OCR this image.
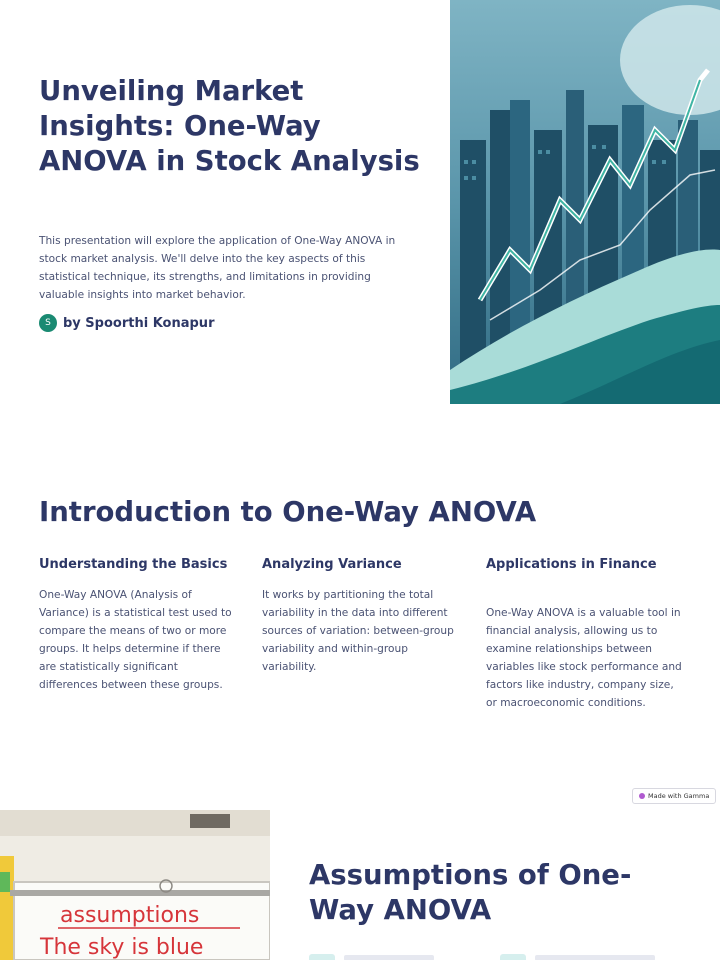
Unveiling Market Insights: One-Way ANOVA in Stock Analysis

This presentation will explore the application of One-Way ANOVA in stock market analysis. We'll delve into the key aspects of this statistical technique, its strengths, and limitations in providing valuable insights into market behavior.

S by Spoorthi Konapur
Introduction to One-Way ANOVA
Understanding the Basics

One-Way ANOVA (Analysis of Variance) is a statistical test used to compare the means of two or more groups. It helps determine if there are statistically significant differences between these groups.

Analyzing Variance

It works by partitioning the total variability in the data into different sources of variation: between-group variability and within-group variability.

Applications in Finance

One-Way ANOVA is a valuable tool in financial analysis, allowing us to examine relationships between variables like stock performance and factors like industry, company size, or macroeconomic conditions.

Made with Gamma
assumptions
The sky is blue
Assumptions of One-Way ANOVA
